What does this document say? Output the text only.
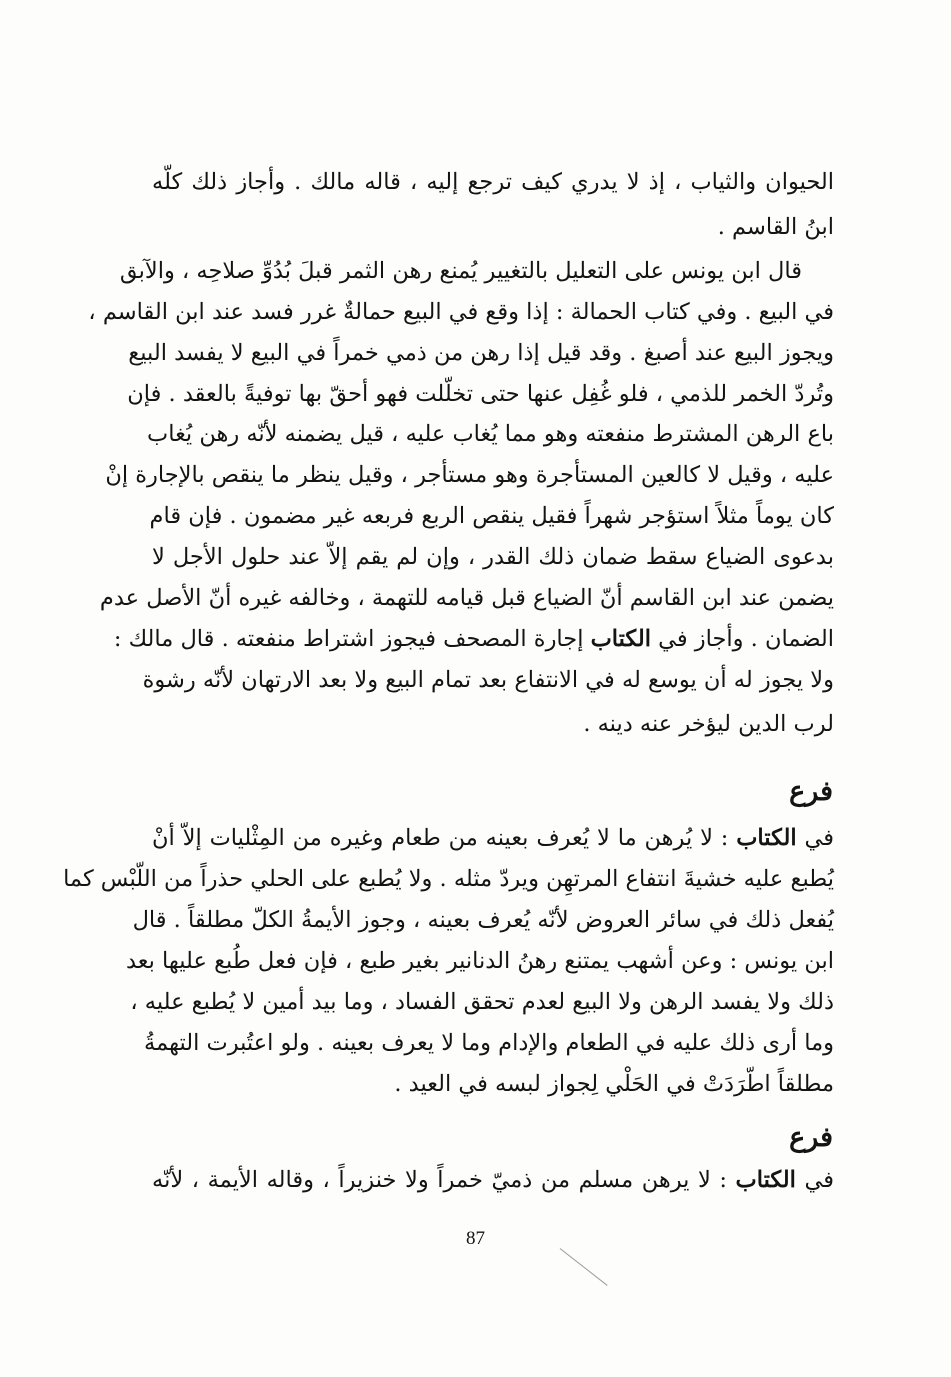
الحيوان والثياب ، إذ لا يدري كيف ترجع إليه ، قاله مالك . وأجاز ذلك كلّه
ابنُ القاسم .
قال ابن يونس على التعليل بالتغيير يُمنع رهن الثمر قبلَ بُدُوِّ صلاحِه ، والآبق
في البيع . وفي كتاب الحمالة : إذا وقع في البيع حمالةٌ غرر فسد عند ابن القاسم ،
ويجوز البيع عند أصبغ . وقد قيل إذا رهن من ذمي خمراً في البيع لا يفسد البيع
وتُردّ الخمر للذمي ، فلو غُفِل عنها حتى تخلّلت فهو أحقّ بها توفيةً بالعقد . فإن
باع الرهن المشترط منفعته وهو مما يُغاب عليه ، قيل يضمنه لأنّه رهن يُغاب
عليه ، وقيل لا كالعين المستأجرة وهو مستأجر ، وقيل ينظر ما ينقص بالإجارة إنْ
كان يوماً مثلاً استؤجر شهراً فقيل ينقص الربع فربعه غير مضمون . فإن قام
بدعوى الضياع سقط ضمان ذلك القدر ، وإن لم يقم إلاّ عند حلول الأجل لا
يضمن عند ابن القاسم أنّ الضياع قبل قيامه للتهمة ، وخالفه غيره أنّ الأصل عدم
الضمان . وأجاز في الكتاب إجارة المصحف فيجوز اشتراط منفعته . قال مالك :
ولا يجوز له أن يوسع له في الانتفاع بعد تمام البيع ولا بعد الارتهان لأنّه رشوة
لرب الدين ليؤخر عنه دينه .
فرع
في الكتاب : لا يُرهن ما لا يُعرف بعينه من طعام وغيره من المِثْليات إلاّ أنْ
يُطبع عليه خشيةَ انتفاع المرتهِن ويردّ مثله . ولا يُطبع على الحلي حذراً من اللّبْس كما
يُفعل ذلك في سائر العروض لأنّه يُعرف بعينه ، وجوز الأيمةُ الكلّ مطلقاً . قال
ابن يونس : وعن أشهب يمتنع رهنُ الدنانير بغير طبع ، فإن فعل طُبع عليها بعد
ذلك ولا يفسد الرهن ولا البيع لعدم تحقق الفساد ، وما بيد أمين لا يُطبع عليه ،
وما أرى ذلك عليه في الطعام والإدام وما لا يعرف بعينه . ولو اعتُبرت التهمةُ
مطلقاً اطّرَدَتْ في الحَلْي لِجواز لبسه في العيد .
فرع
في الكتاب : لا يرهن مسلم من ذميّ خمراً ولا خنزيراً ، وقاله الأيمة ، لأنّه
87
